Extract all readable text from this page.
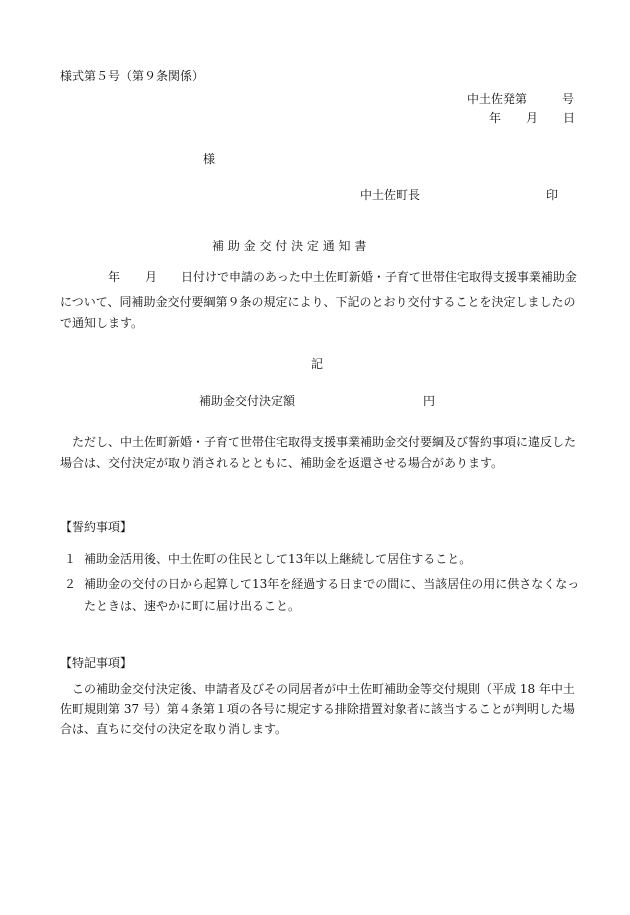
様式第５号（第９条関係）
中土佐発第	号
年 月 日
様
中土佐町長	印
補 助 金 交 付 決 定 通 知 書
年 月 日付けで申請のあった中土佐町新婚・子育て世帯住宅取得支援事業補助金
について、同補助金交付要綱第９条の規定により、下記のとおり交付することを決定しましたの
で通知します。
記
補助金交付決定額	円
　ただし、中土佐町新婚・子育て世帯住宅取得支援事業補助金交付要綱及び誓約事項に違反した
場合は、交付決定が取り消されるとともに、補助金を返還させる場合があります。
【誓約事項】
１ 補助金活用後、中土佐町の住民として13年以上継続して居住すること。
２ 補助金の交付の日から起算して13年を経過する日までの間に、当該居住の用に供さなくなっ
たときは、速やかに町に届け出ること。
【特記事項】
　この補助金交付決定後、申請者及びその同居者が中土佐町補助金等交付規則（平成 18 年中土
佐町規則第 37 号）第４条第１項の各号に規定する排除措置対象者に該当することが判明した場
合は、直ちに交付の決定を取り消します。
